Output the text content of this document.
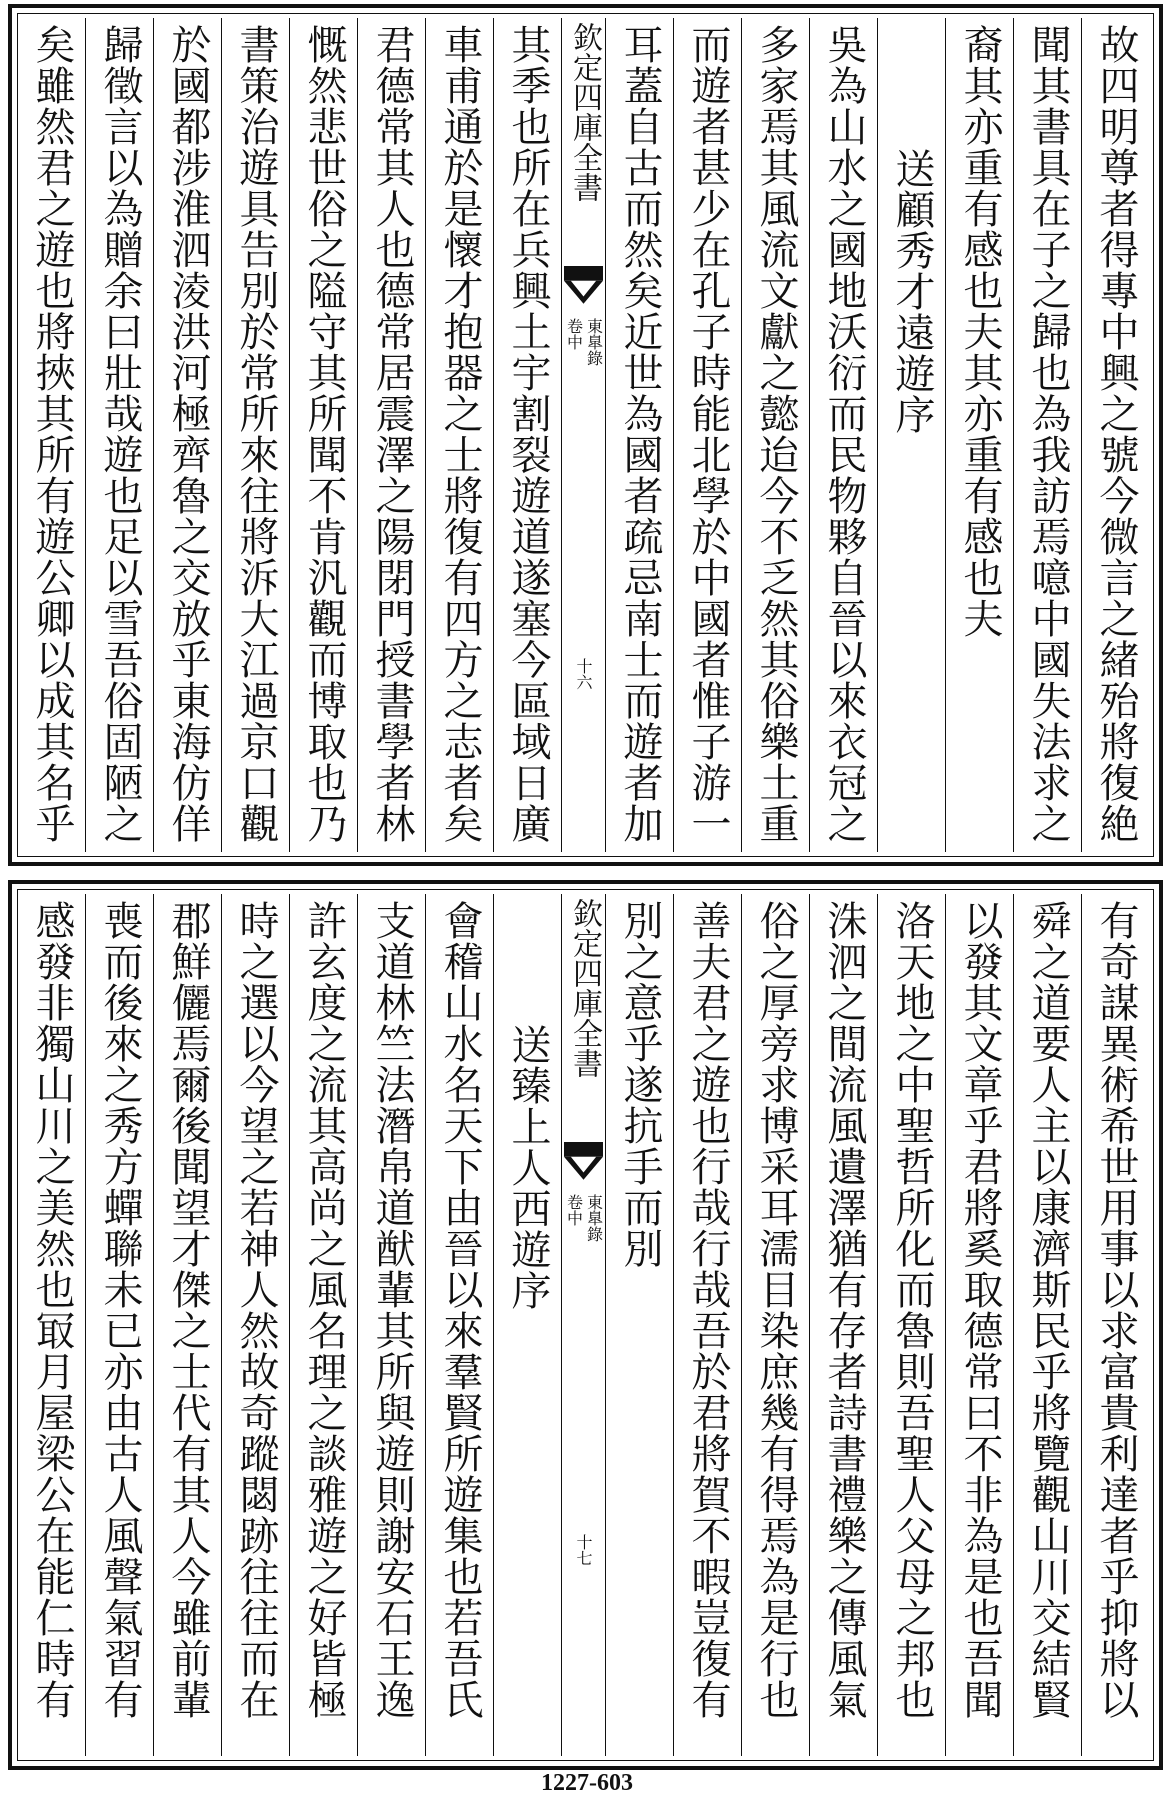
故四明尊者得專中興之號今微言之緒殆將復絶
聞其書具在子之歸也為我訪焉噫中國失法求之
裔其亦重有感也夫其亦重有感也夫
送顧秀才遠遊序
吳為山水之國地沃衍而民物夥自晉以來衣冠之
多家焉其風流文獻之懿迨今不乏然其俗樂土重
而遊者甚少在孔子時能北學於中國者惟子游一
耳蓋自古而然矣近世為國者疏忌南士而遊者加
欽定四庫全書
東臯錄
卷中
十六
其季也所在兵興土宇割裂遊道遂塞今區域日廣
車甫通於是懷才抱器之士將復有四方之志者矣
君德常其人也德常居震澤之陽閉門授書學者林
慨然悲世俗之隘守其所聞不肯汎觀而博取也乃
書策治遊具告別於常所來往將泝大江過京口觀
於國都涉淮泗淩洪河極齊魯之交放乎東海仿佯
歸徵言以為贈余曰壯哉遊也足以雪吾俗固陋之
矣雖然君之遊也將挾其所有遊公卿以成其名乎
有奇謀異術希世用事以求富貴利達者乎抑將以
舜之道要人主以康濟斯民乎將覽觀山川交結賢
以發其文章乎君將奚取德常曰不非為是也吾聞
洛天地之中聖哲所化而魯則吾聖人父母之邦也
洙泗之間流風遺澤猶有存者詩書禮樂之傳風氣
俗之厚旁求博采耳濡目染庶幾有得焉為是行也
善夫君之遊也行哉行哉吾於君將賀不暇豈復有
別之意乎遂抗手而別
欽定四庫全書
東臯錄
卷中
十七
送臻上人西遊序
會稽山水名天下由晉以來羣賢所遊集也若吾氏
支道林竺法潛帛道猷輩其所與遊則謝安石王逸
許玄度之流其高尚之風名理之談雅遊之好皆極
時之選以今望之若神人然故奇蹤閟跡往往而在
郡鮮儷焉爾後聞望才傑之士代有其人今雖前輩
喪而後來之秀方蟬聯未已亦由古人風聲氣習有
感發非獨山川之美然也冣月屋梁公在能仁時有
1227-603
